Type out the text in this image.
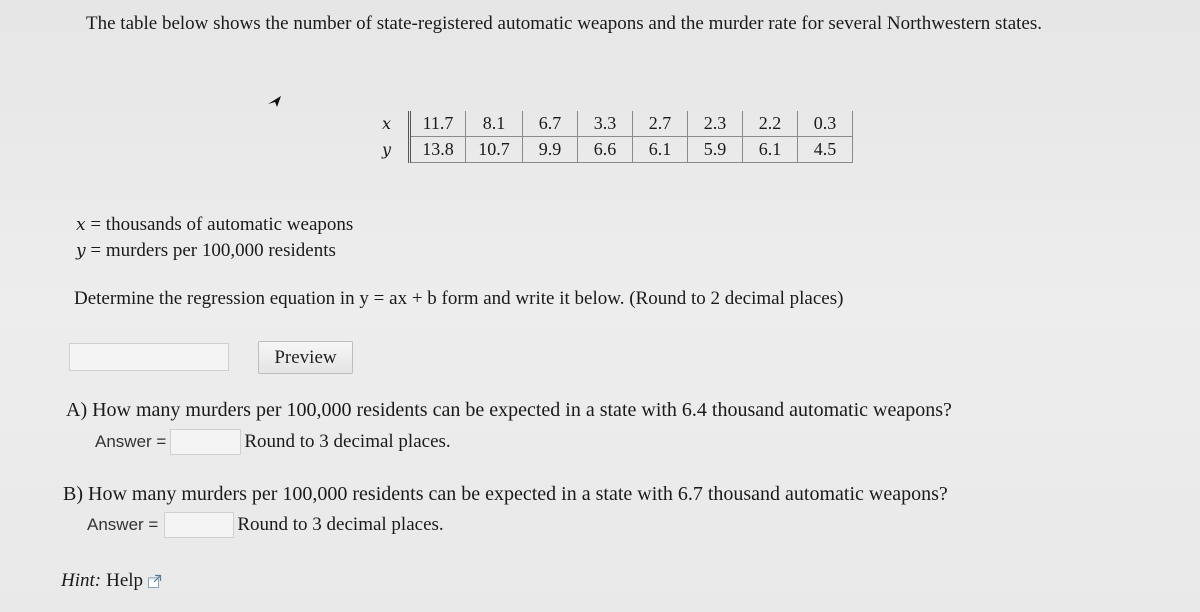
The table below shows the number of state-registered automatic weapons and the murder rate for several Northwestern states.
x	11.7	8.1	6.7	3.3	2.7	2.3	2.2	0.3
y	13.8	10.7	9.9	6.6	6.1	5.9	6.1	4.5
x = thousands of automatic weapons
y = murders per 100,000 residents
Determine the regression equation in y = ax + b form and write it below. (Round to 2 decimal places)
Preview
A) How many murders per 100,000 residents can be expected in a state with 6.4 thousand automatic weapons?
Answer =	Round to 3 decimal places.
B) How many murders per 100,000 residents can be expected in a state with 6.7 thousand automatic weapons?
Answer =	Round to 3 decimal places.
Hint: Help
